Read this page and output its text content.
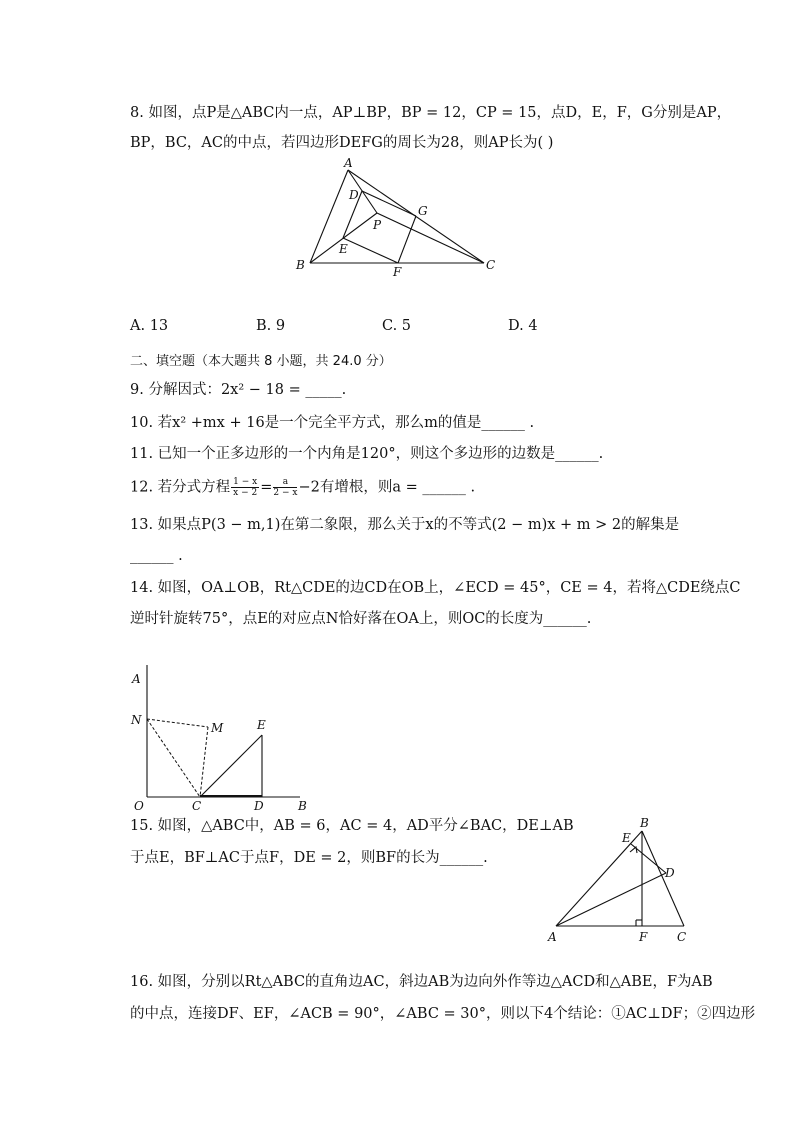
8. 如图，点P是△ABC内一点，AP⊥BP，BP = 12，CP = 15，点D，E，F，G分别是AP，
BP，BC，AC的中点，若四边形DEFG的周长为28，则AP长为( )
A
B	C
D
E
F
G
P
A
N
M	E
O	C	D	B
B
E
D
A	F C
A. 13	B. 9	C. 5	D. 4
二、填空题（本大题共 8 小题，共 24.0 分）
9. 分解因式：2x² − 18 = _____.
10. 若x² +mx + 16是一个完全平方式，那么m的值是______ .
11. 已知一个正多边形的一个内角是120°，则这个多边形的边数是______.
12. 若分式方程 $\frac{1 - x}{x - 2} = \frac{a}{2 - x} -2$有增根，则a = ______ .
13. 如果点P(3 − m,1)在第二象限，那么关于x的不等式(2 − m)x + m > 2的解集是
______ .
14. 如图，OA⊥OB，Rt△CDE的边CD在OB上，∠ECD = 45°，CE = 4，若将△CDE绕点C
逆时针旋转75°，点E的对应点N恰好落在OA上，则OC的长度为______.
15. 如图，△ABC中，AB = 6，AC = 4，AD平分∠BAC，DE⊥AB
于点E，BF⊥AC于点F，DE = 2，则BF的长为______.
16. 如图，分别以Rt△ABC的直角边AC，斜边AB为边向外作等边△ACD和△ABE，F为AB
的中点，连接DF、EF，∠ACB = 90°，∠ABC = 30°，则以下4个结论：①AC⊥DF；②四边形
